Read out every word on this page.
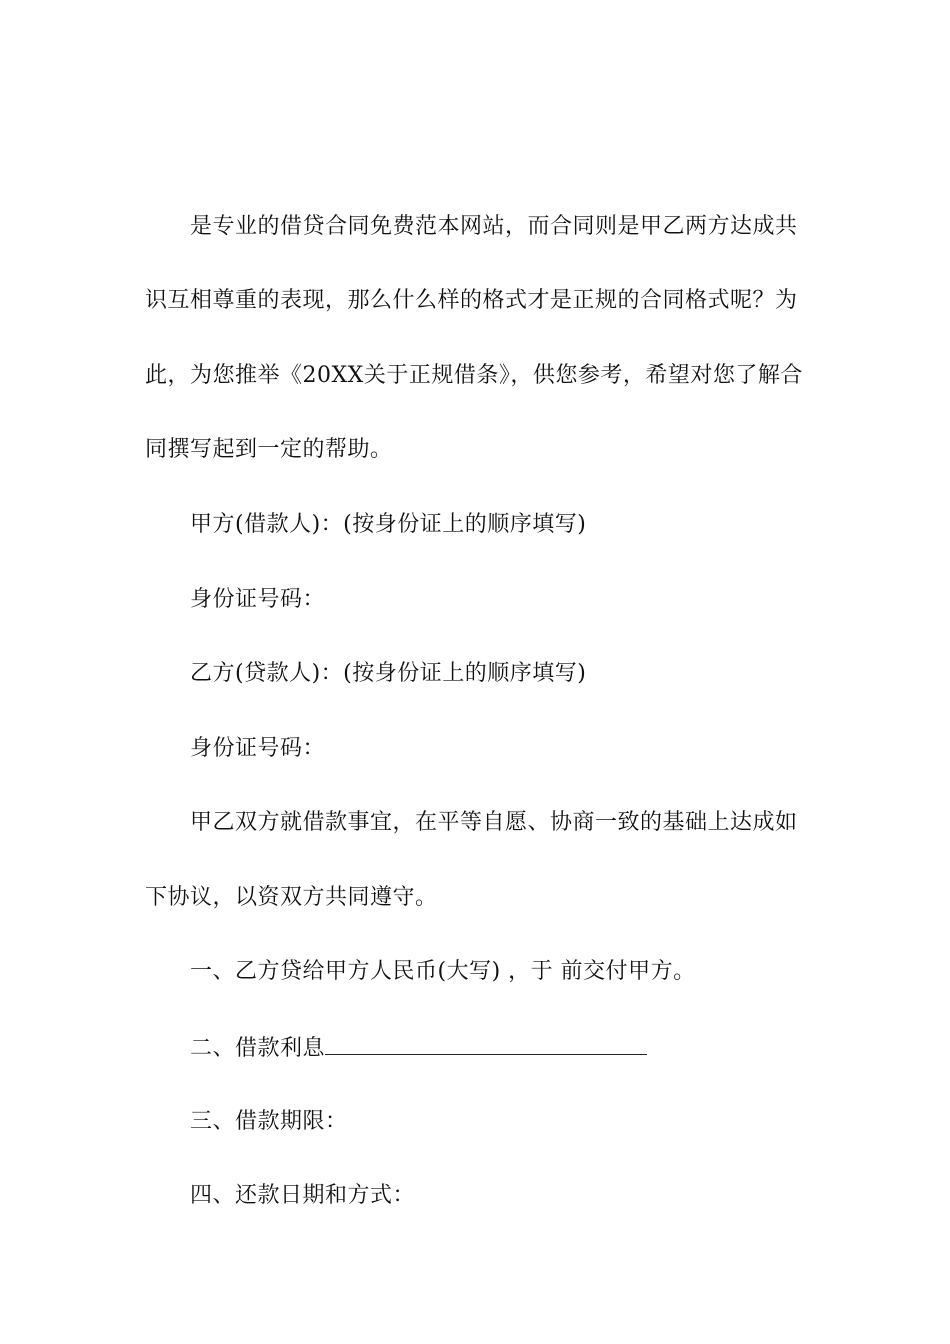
是专业的借贷合同免费范本网站，而合同则是甲乙两方达成共
识互相尊重的表现，那么什么样的格式才是正规的合同格式呢？为
此，为您推举《20XX关于正规借条》，供您参考，希望对您了解合
同撰写起到一定的帮助。
甲方(借款人)：(按身份证上的顺序填写)
身份证号码：
乙方(贷款人)：(按身份证上的顺序填写)
身份证号码：
甲乙双方就借款事宜，在平等自愿、协商一致的基础上达成如
下协议，以资双方共同遵守。
一、乙方贷给甲方人民币(大写) ，于 前交付甲方。
二、借款利息
三、借款期限：
四、还款日期和方式：
